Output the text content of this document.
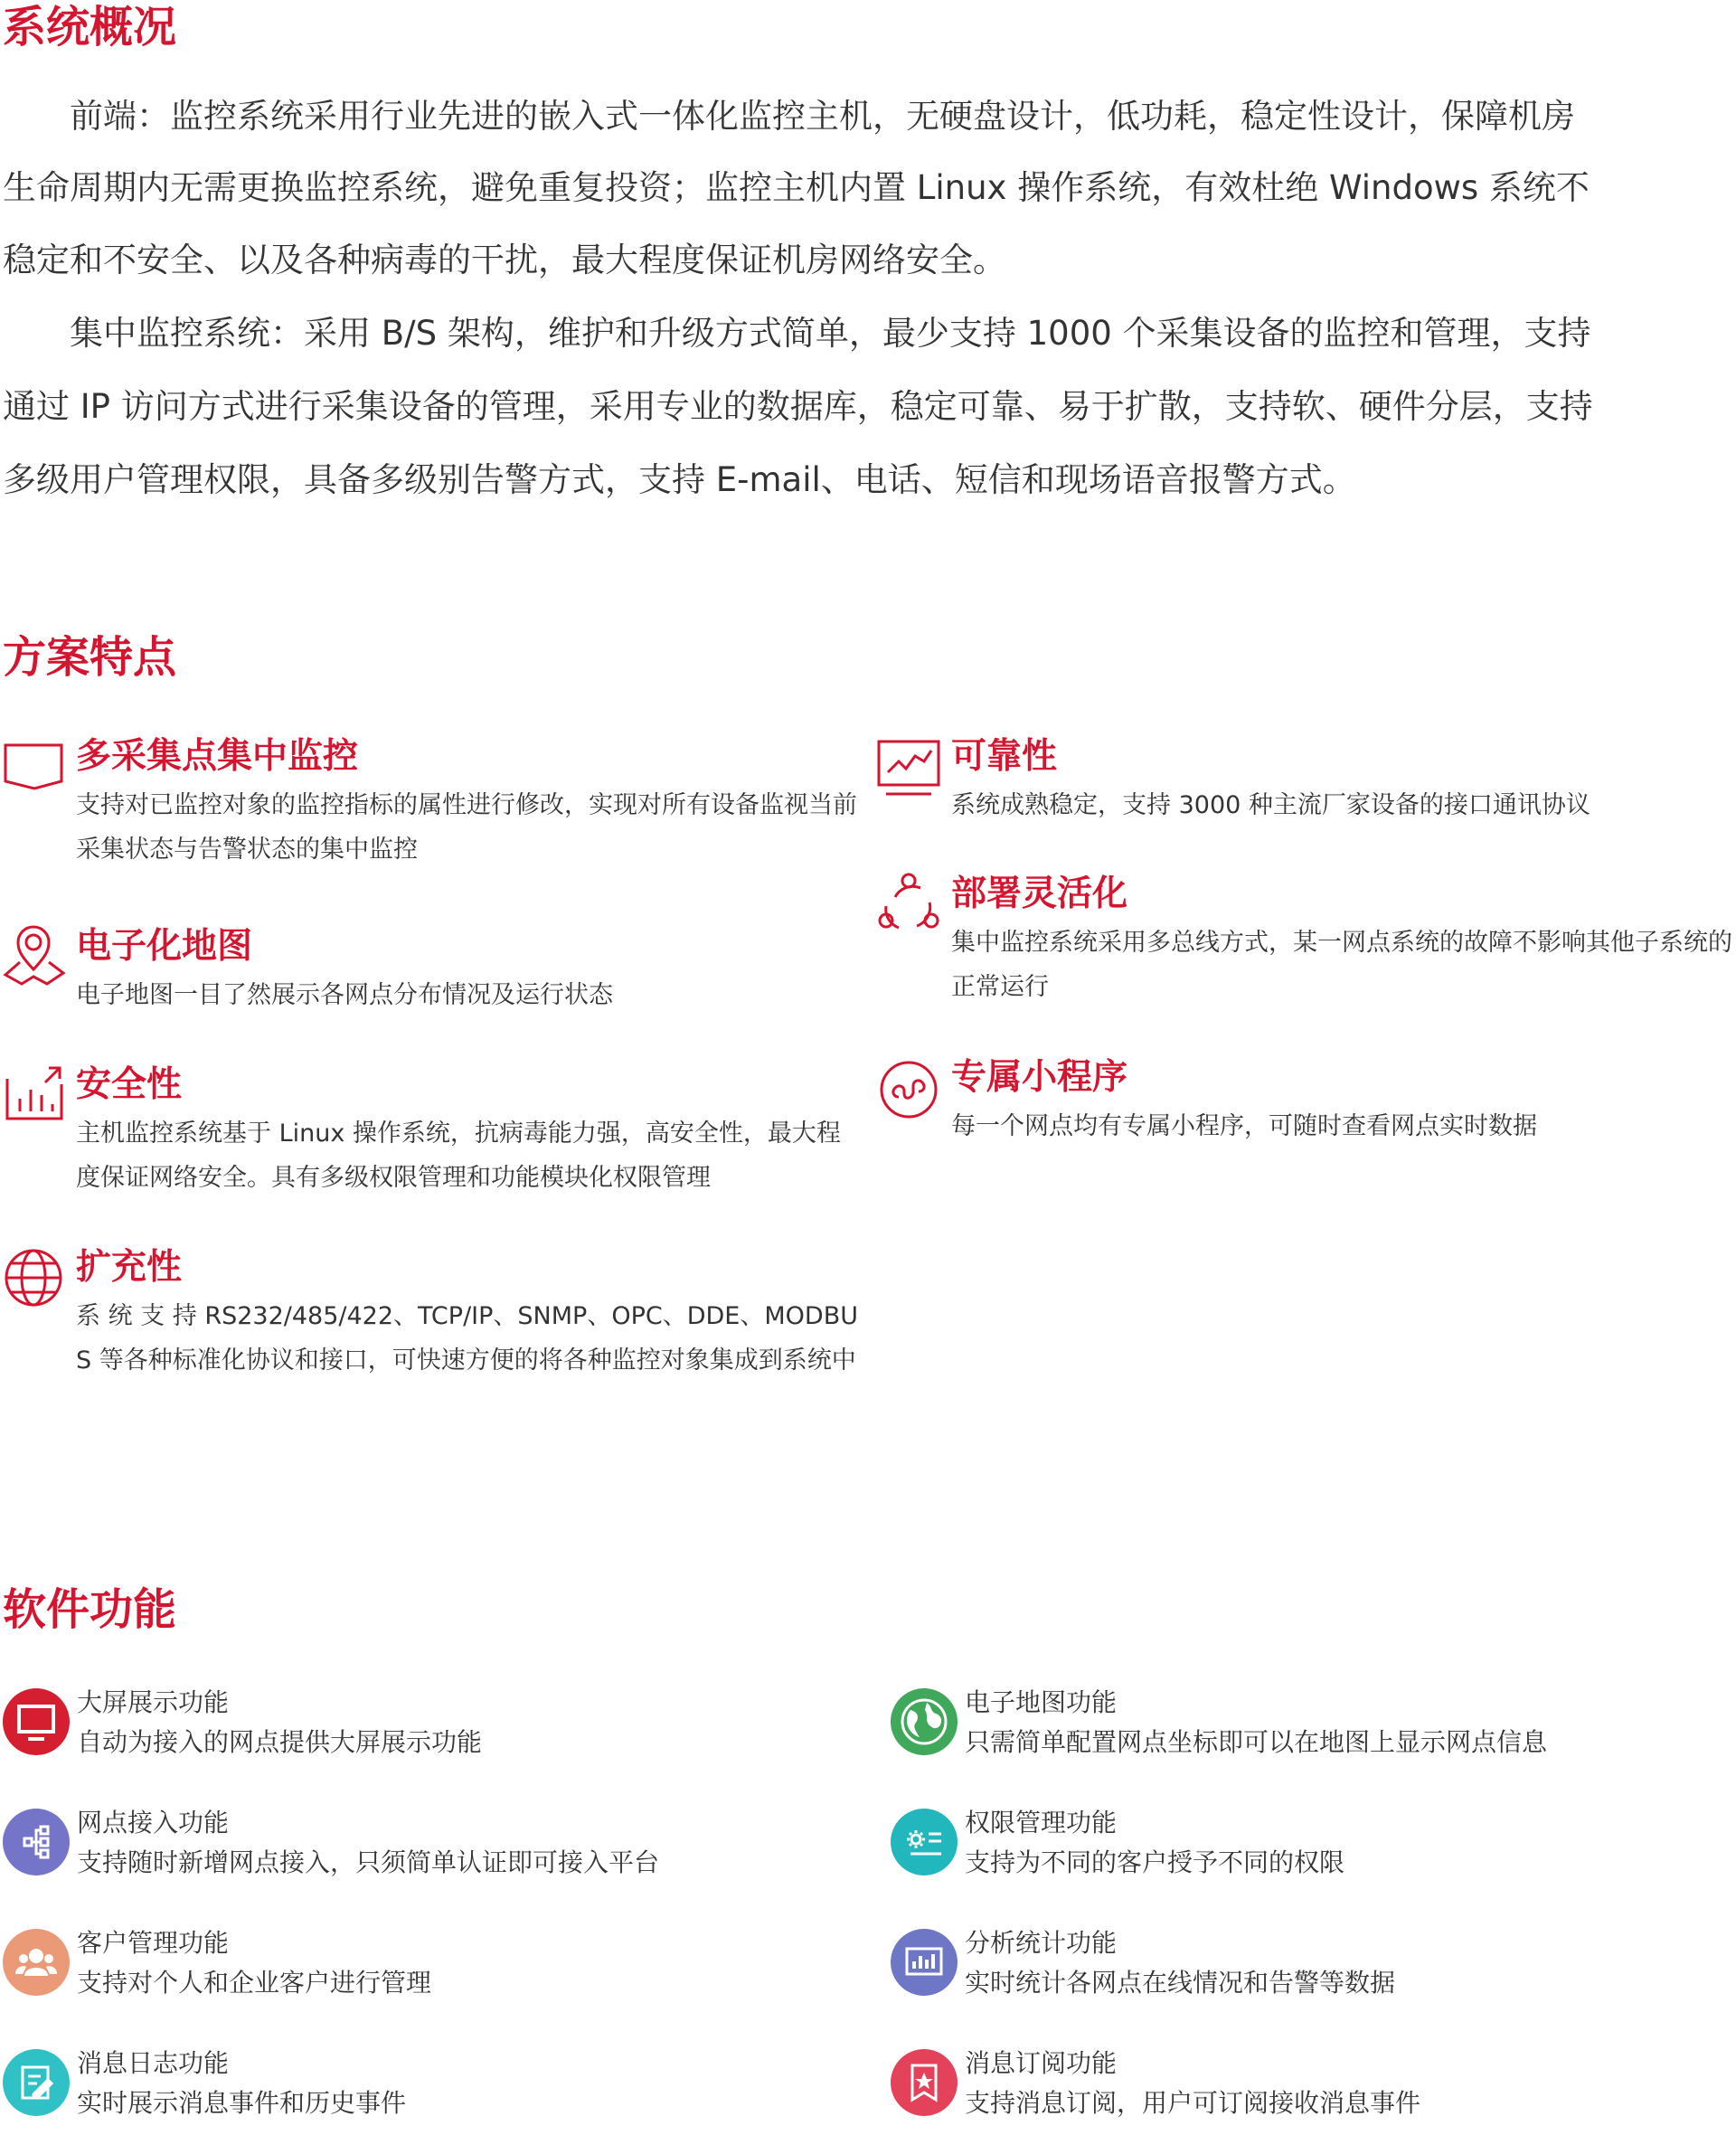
系统概况
　　前端：监控系统采用行业先进的嵌入式一体化监控主机，无硬盘设计，低功耗，稳定性设计，保障机房
生命周期内无需更换监控系统，避免重复投资；监控主机内置 Linux 操作系统，有效杜绝 Windows 系统不
稳定和不安全、以及各种病毒的干扰，最大程度保证机房网络安全。
　　集中监控系统：采用 B/S 架构，维护和升级方式简单，最少支持 1000 个采集设备的监控和管理，支持
通过 IP 访问方式进行采集设备的管理，采用专业的数据库，稳定可靠、易于扩散，支持软、硬件分层，支持
多级用户管理权限，具备多级别告警方式，支持 E-mail、电话、短信和现场语音报警方式。
方案特点
多采集点集中监控
支持对已监控对象的监控指标的属性进行修改，实现对所有设备监视当前采集状态与告警状态的集中监控
电子化地图
电子地图一目了然展示各网点分布情况及运行状态
安全性
主机监控系统基于 Linux 操作系统，抗病毒能力强，高安全性，最大程度保证网络安全。具有多级权限管理和功能模块化权限管理
扩充性
系 统 支 持 RS232/485/422、TCP/IP、SNMP、OPC、DDE、MODBUS 等各种标准化协议和接口，可快速方便的将各种监控对象集成到系统中
可靠性
系统成熟稳定，支持 3000 种主流厂家设备的接口通讯协议
部署灵活化
集中监控系统采用多总线方式，某一网点系统的故障不影响其他子系统的正常运行
专属小程序
每一个网点均有专属小程序，可随时查看网点实时数据
软件功能
大屏展示功能
自动为接入的网点提供大屏展示功能
网点接入功能
支持随时新增网点接入，只须简单认证即可接入平台
客户管理功能
支持对个人和企业客户进行管理
消息日志功能
实时展示消息事件和历史事件
电子地图功能
只需简单配置网点坐标即可以在地图上显示网点信息
权限管理功能
支持为不同的客户授予不同的权限
分析统计功能
实时统计各网点在线情况和告警等数据
消息订阅功能
支持消息订阅，用户可订阅接收消息事件
